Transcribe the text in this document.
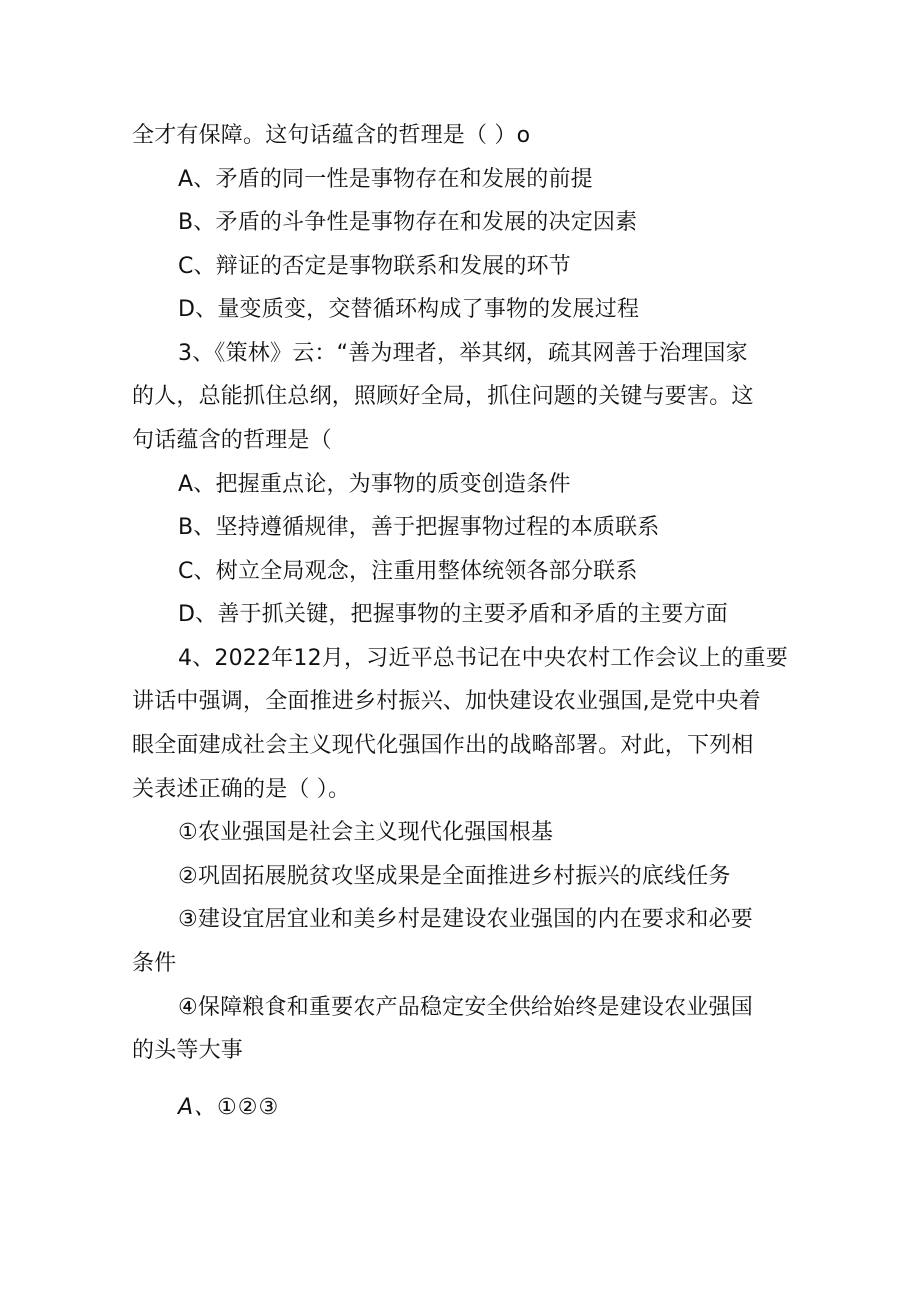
全才有保障。这句话蕴含的哲理是（ ）o
A、矛盾的同一性是事物存在和发展的前提
B、矛盾的斗争性是事物存在和发展的决定因素
C、辩证的否定是事物联系和发展的环节
D、量变质变，交替循环构成了事物的发展过程
3、《策林》云：“善为理者，举其纲，疏其网善于治理国家
的人，总能抓住总纲，照顾好全局，抓住问题的关键与要害。这
句话蕴含的哲理是（
A、把握重点论，为事物的质变创造条件
B、坚持遵循规律，善于把握事物过程的本质联系
C、树立全局观念，注重用整体统领各部分联系
D、善于抓关键，把握事物的主要矛盾和矛盾的主要方面
4、2022年12月，习近平总书记在中央农村工作会议上的重要
讲话中强调，全面推进乡村振兴、加快建设农业强国,是党中央着
眼全面建成社会主义现代化强国作出的战略部署。对此，下列相
关表述正确的是（ ）。
①农业强国是社会主义现代化强国根基
②巩固拓展脱贫攻坚成果是全面推进乡村振兴的底线任务
③建设宜居宜业和美乡村是建设农业强国的内在要求和必要
条件
④保障粮食和重要农产品稳定安全供给始终是建设农业强国
的头等大事
A、①②③
